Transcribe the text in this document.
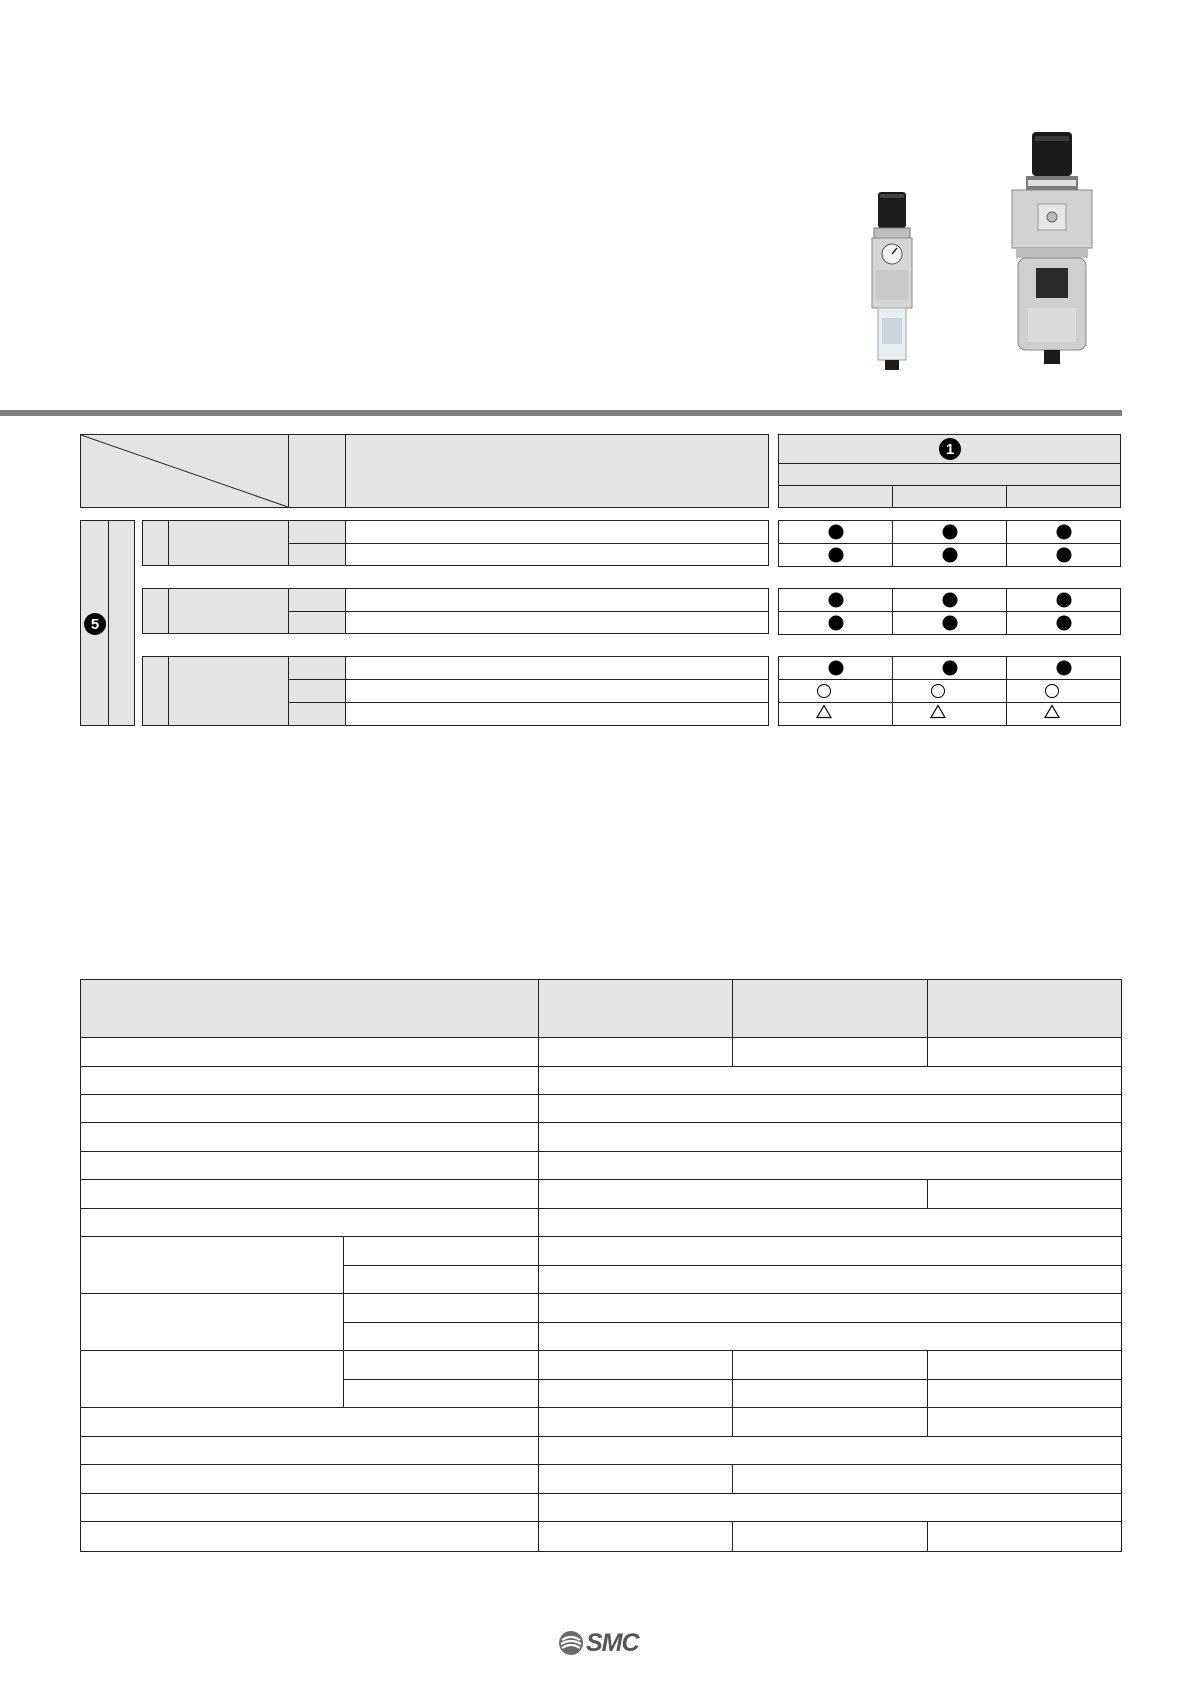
1
5
SMC
